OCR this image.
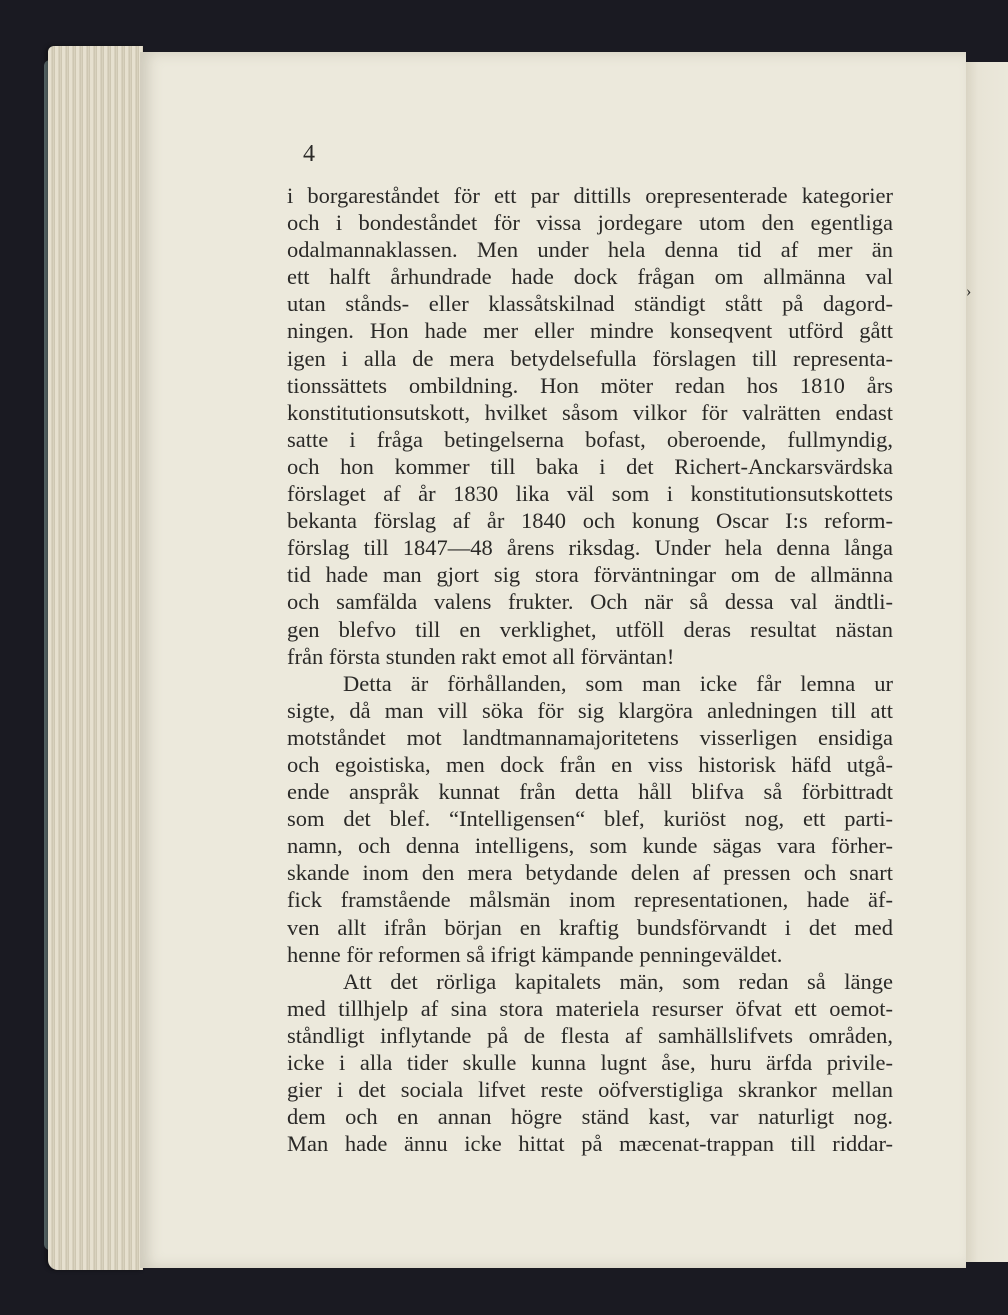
4
i borgareståndet för ett par dittills orepresenterade kategorier
och i bondeståndet för vissa jordegare utom den egentliga
odalmannaklassen. Men under hela denna tid af mer än
ett halft århundrade hade dock frågan om allmänna val
utan stånds- eller klassåtskilnad ständigt stått på dagord-
ningen. Hon hade mer eller mindre konseqvent utförd gått
igen i alla de mera betydelsefulla förslagen till representa-
tionssättets ombildning. Hon möter redan hos 1810 års
konstitutionsutskott, hvilket såsom vilkor för valrätten endast
satte i fråga betingelserna bofast, oberoende, fullmyndig,
och hon kommer till baka i det Richert-Anckarsvärdska
förslaget af år 1830 lika väl som i konstitutionsutskottets
bekanta förslag af år 1840 och konung Oscar I:s reform-
förslag till 1847—48 årens riksdag. Under hela denna långa
tid hade man gjort sig stora förväntningar om de allmänna
och samfälda valens frukter. Och när så dessa val ändtli-
gen blefvo till en verklighet, utföll deras resultat nästan
från första stunden rakt emot all förväntan!
Detta är förhållanden, som man icke får lemna ur
sigte, då man vill söka för sig klargöra anledningen till att
motståndet mot landtmannamajoritetens visserligen ensidiga
och egoistiska, men dock från en viss historisk häfd utgå-
ende anspråk kunnat från detta håll blifva så förbittradt
som det blef. “Intelligensen“ blef, kuriöst nog, ett parti-
namn, och denna intelligens, som kunde sägas vara förher-
skande inom den mera betydande delen af pressen och snart
fick framstående målsmän inom representationen, hade äf-
ven allt ifrån början en kraftig bundsförvandt i det med
henne för reformen så ifrigt kämpande penningeväldet.
Att det rörliga kapitalets män, som redan så länge
med tillhjelp af sina stora materiela resurser öfvat ett oemot-
ståndligt inflytande på de flesta af samhällslifvets områden,
icke i alla tider skulle kunna lugnt åse, huru ärfda privile-
gier i det sociala lifvet reste oöfverstigliga skrankor mellan
dem och en annan högre ständ kast, var naturligt nog.
Man hade ännu icke hittat på mæcenat-trappan till riddar-
›
